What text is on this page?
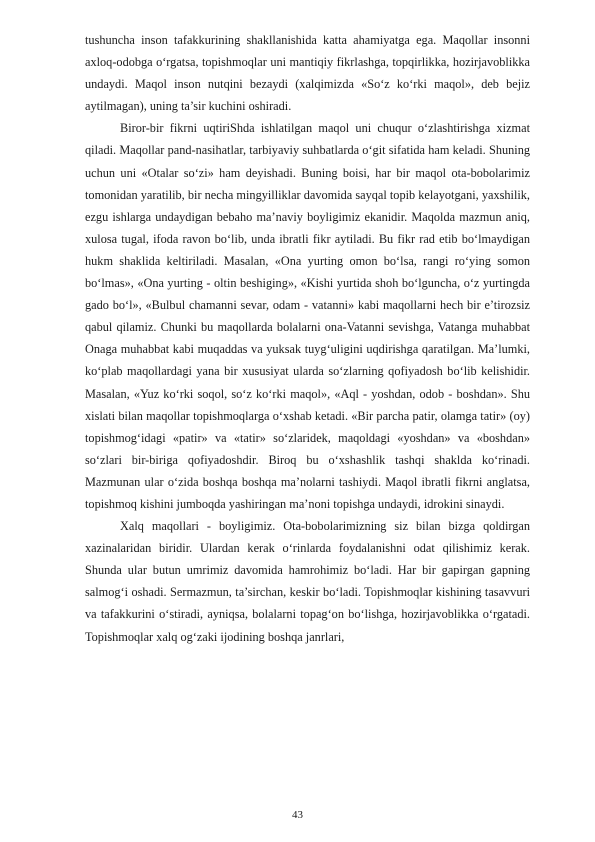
tushuncha inson tafakkurining shakllanishida katta ahamiyatga ega. Maqollar insonni axloq-odobga o‘rgatsa, topishmoqlar uni mantiqiy fikrlashga, topqirlikka, hozirjavoblikka undaydi. Maqol inson nutqini bezaydi (xalqimizda «So‘z ko‘rki maqol», deb bejiz aytilmagan), uning ta’sir kuchini oshiradi.

Biror-bir fikrni uqtiriShda ishlatilgan maqol uni chuqur o‘zlashtirishga xizmat qiladi. Maqollar pand-nasihatlar, tarbiyaviy suhbatlarda o‘git sifatida ham keladi. Shuning uchun uni «Otalar so‘zi» ham deyishadi. Buning boisi, har bir maqol ota-bobolarimiz tomonidan yaratilib, bir necha mingyilliklar davomida sayqal topib kelayotgani, yaxshilik, ezgu ishlarga undaydigan bebaho ma’naviy boyligimiz ekanidir. Maqolda mazmun aniq, xulosa tugal, ifoda ravon bo‘lib, unda ibratli fikr aytiladi. Bu fikr rad etib bo‘lmaydigan hukm shaklida keltiriladi. Masalan, «Ona yurting omon bo‘lsa, rangi ro‘ying somon bo‘lmas», «Ona yurting - oltin beshiging», «Kishi yurtida shoh bo‘lguncha, o‘z yurtingda gado bo‘l», «Bulbul chamanni sevar, odam - vatanni» kabi maqollarni hech bir e’tirozsiz qabul qilamiz. Chunki bu maqollarda bolalarni ona-Vatanni sevishga, Vatanga muhabbat Onaga muhabbat kabi muqaddas va yuksak tuyg‘uligini uqdirishga qaratilgan. Ma’lumki, ko‘plab maqollardagi yana bir xususiyat ularda so‘zlarning qofiyadosh bo‘lib kelishidir. Masalan, «Yuz ko‘rki soqol, so‘z ko‘rki maqol», «Aql - yoshdan, odob - boshdan». Shu xislati bilan maqollar topishmoqlarga o‘xshab ketadi. «Bir parcha patir, olamga tatir» (oy) topishmog‘idagi «patir» va «tatir» so‘zlaridek, maqoldagi «yoshdan» va «boshdan» so‘zlari bir-biriga qofiyadoshdir. Biroq bu o‘xshashlik tashqi shaklda ko‘rinadi. Mazmunan ular o‘zida boshqa boshqa ma’nolarni tashiydi. Maqol ibratli fikrni anglatsa, topishmoq kishini jumboqda yashiringan ma’noni topishga undaydi, idrokini sinaydi.

Xalq maqollari - boyligimiz. Ota-bobolarimizning siz bilan bizga qoldirgan xazinalaridan biridir. Ulardan kerak o‘rinlarda foydalanishni odat qilishimiz kerak. Shunda ular butun umrimiz davomida hamrohimiz bo‘ladi. Har bir gapirgan gapning salmog‘i oshadi. Sermazmun, ta’sirchan, keskir bo‘ladi. Topishmoqlar kishining tasavvuri va tafakkurini o‘stiradi, ayniqsa, bolalarni topag‘on bo‘lishga, hozirjavoblikka o‘rgatadi. Topishmoqlar xalq og‘zaki ijodining boshqa janrlari,

43
